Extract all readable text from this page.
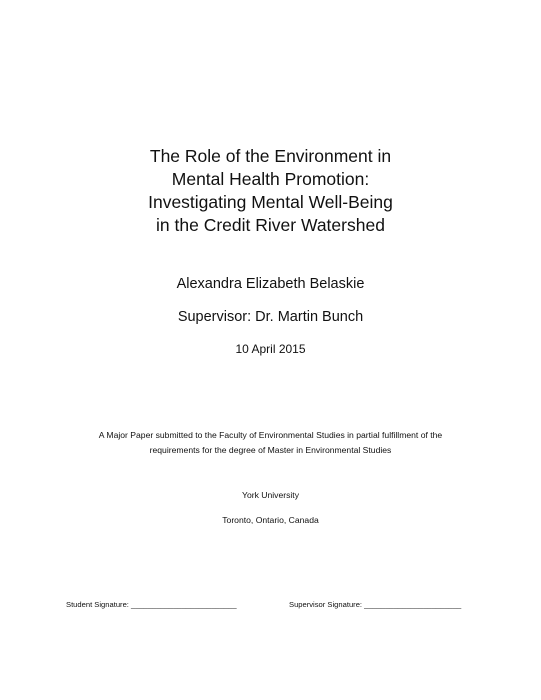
The Role of the Environment in
Mental Health Promotion:
Investigating Mental Well-Being
in the Credit River Watershed
Alexandra Elizabeth Belaskie
Supervisor: Dr. Martin Bunch
10 April 2015
A Major Paper submitted to the Faculty of Environmental Studies in partial fulfillment of the
requirements for the degree of Master in Environmental Studies
York University
Toronto, Ontario, Canada
Student Signature: _________________________	Supervisor Signature: _______________________
